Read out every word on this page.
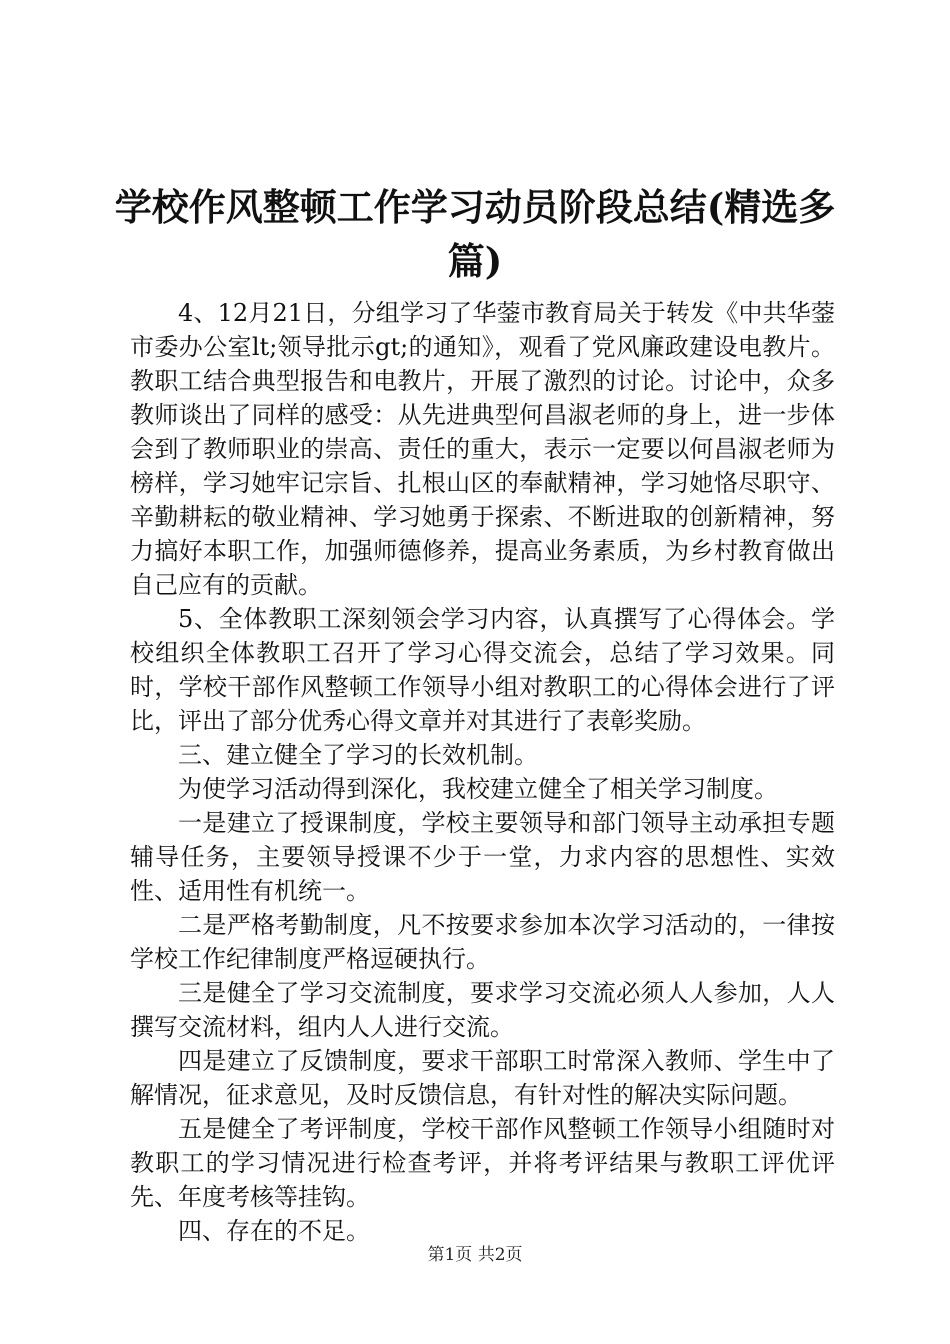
学校作风整顿工作学习动员阶段总结(精选多篇)

4、12月21日，分组学习了华蓥市教育局关于转发《中共华蓥市委办公室lt;领导批示gt;的通知》，观看了党风廉政建设电教片。教职工结合典型报告和电教片，开展了激烈的讨论。讨论中，众多教师谈出了同样的感受：从先进典型何昌淑老师的身上，进一步体会到了教师职业的崇高、责任的重大，表示一定要以何昌淑老师为榜样，学习她牢记宗旨、扎根山区的奉献精神，学习她恪尽职守、辛勤耕耘的敬业精神、学习她勇于探索、不断进取的创新精神，努力搞好本职工作，加强师德修养，提高业务素质，为乡村教育做出自己应有的贡献。

5、全体教职工深刻领会学习内容，认真撰写了心得体会。学校组织全体教职工召开了学习心得交流会，总结了学习效果。同时，学校干部作风整顿工作领导小组对教职工的心得体会进行了评比，评出了部分优秀心得文章并对其进行了表彰奖励。

三、建立健全了学习的长效机制。

为使学习活动得到深化，我校建立健全了相关学习制度。

一是建立了授课制度，学校主要领导和部门领导主动承担专题辅导任务，主要领导授课不少于一堂，力求内容的思想性、实效性、适用性有机统一。

二是严格考勤制度，凡不按要求参加本次学习活动的，一律按学校工作纪律制度严格逗硬执行。

三是健全了学习交流制度，要求学习交流必须人人参加，人人撰写交流材料，组内人人进行交流。

四是建立了反馈制度，要求干部职工时常深入教师、学生中了解情况，征求意见，及时反馈信息，有针对性的解决实际问题。

五是健全了考评制度，学校干部作风整顿工作领导小组随时对教职工的学习情况进行检查考评，并将考评结果与教职工评优评先、年度考核等挂钩。

四、存在的不足。

第1页 共2页
